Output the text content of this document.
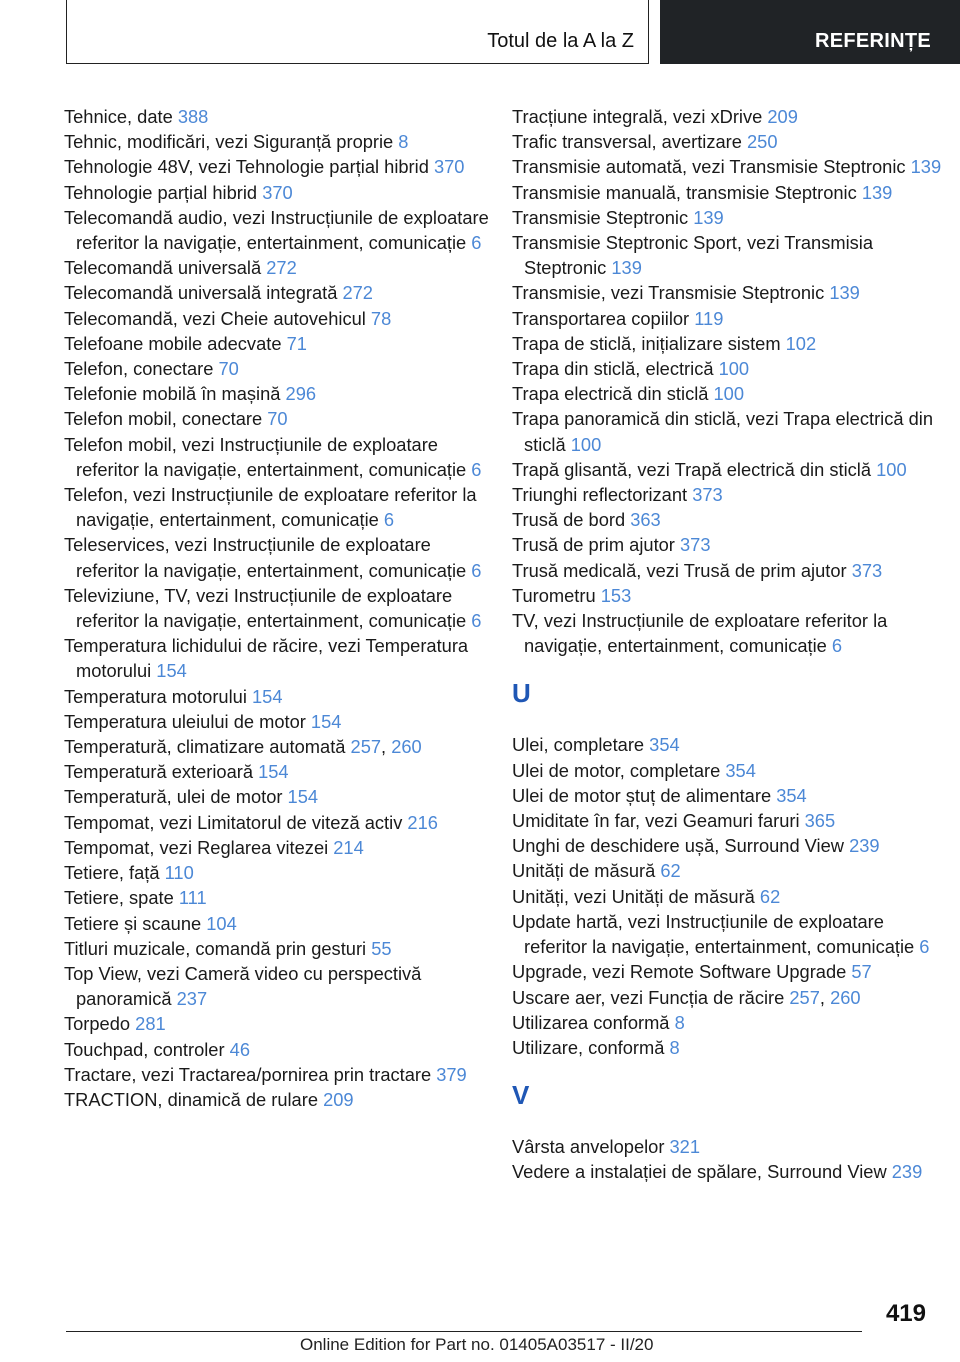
Totul de la A la Z	REFERINȚE
Tehnice, date 388
Tehnic, modificări, vezi Siguranță proprie 8
Tehnologie 48V, vezi Tehnologie parțial hibrid 370
Tehnologie parțial hibrid 370
Telecomandă audio, vezi Instrucțiunile de exploatare referitor la navigație, entertainment, comunicație 6
Telecomandă universală 272
Telecomandă universală integrată 272
Telecomandă, vezi Cheie autovehicul 78
Telefoane mobile adecvate 71
Telefon, conectare 70
Telefonie mobilă în mașină 296
Telefon mobil, conectare 70
Telefon mobil, vezi Instrucțiunile de exploatare referitor la navigație, entertainment, comunicație 6
Telefon, vezi Instrucțiunile de exploatare referitor la navigație, entertainment, comunicație 6
Teleservices, vezi Instrucțiunile de exploatare referitor la navigație, entertainment, comunicație 6
Televiziune, TV, vezi Instrucțiunile de exploatare referitor la navigație, entertainment, comunicație 6
Temperatura lichidului de răcire, vezi Temperatura motorului 154
Temperatura motorului 154
Temperatura uleiului de motor 154
Temperatură, climatizare automată 257, 260
Temperatură exterioară 154
Temperatură, ulei de motor 154
Tempomat, vezi Limitatorul de viteză activ 216
Tempomat, vezi Reglarea vitezei 214
Tetiere, față 110
Tetiere, spate 111
Tetiere și scaune 104
Titluri muzicale, comandă prin gesturi 55
Top View, vezi Cameră video cu perspectivă panoramică 237
Torpedo 281
Touchpad, controler 46
Tractare, vezi Tractarea/pornirea prin tractare 379
TRACTION, dinamică de rulare 209
Tracțiune integrală, vezi xDrive 209
Trafic transversal, avertizare 250
Transmisie automată, vezi Transmisie Steptronic 139
Transmisie manuală, transmisie Steptronic 139
Transmisie Steptronic 139
Transmisie Steptronic Sport, vezi Transmisia Steptronic 139
Transmisie, vezi Transmisie Steptronic 139
Transportarea copiilor 119
Trapa de sticlă, inițializare sistem 102
Trapa din sticlă, electrică 100
Trapa electrică din sticlă 100
Trapa panoramică din sticlă, vezi Trapa electrică din sticlă 100
Trapă glisantă, vezi Trapă electrică din sticlă 100
Triunghi reflectorizant 373
Trusă de bord 363
Trusă de prim ajutor 373
Trusă medicală, vezi Trusă de prim ajutor 373
Turometru 153
TV, vezi Instrucțiunile de exploatare referitor la navigație, entertainment, comunicație 6
U
Ulei, completare 354
Ulei de motor, completare 354
Ulei de motor ștuț de alimentare 354
Umiditate în far, vezi Geamuri faruri 365
Unghi de deschidere ușă, Surround View 239
Unități de măsură 62
Unități, vezi Unități de măsură 62
Update hartă, vezi Instrucțiunile de exploatare referitor la navigație, entertainment, comunicație 6
Upgrade, vezi Remote Software Upgrade 57
Uscare aer, vezi Funcția de răcire 257, 260
Utilizarea conformă 8
Utilizare, conformă 8
V
Vârsta anvelopelor 321
Vedere a instalației de spălare, Surround View 239
419
Online Edition for Part no. 01405A03517 - II/20
